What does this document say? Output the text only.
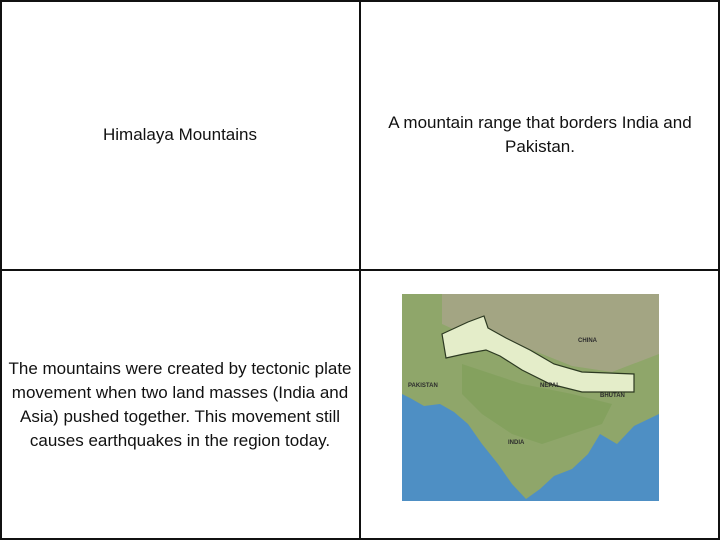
Himalaya Mountains
A mountain range that borders India and Pakistan.
The mountains were created by tectonic plate movement when two land masses (India and Asia) pushed together. This movement still causes earthquakes in the region today.
CHINA
PAKISTAN	NEPAL
BHUTAN
INDIA
